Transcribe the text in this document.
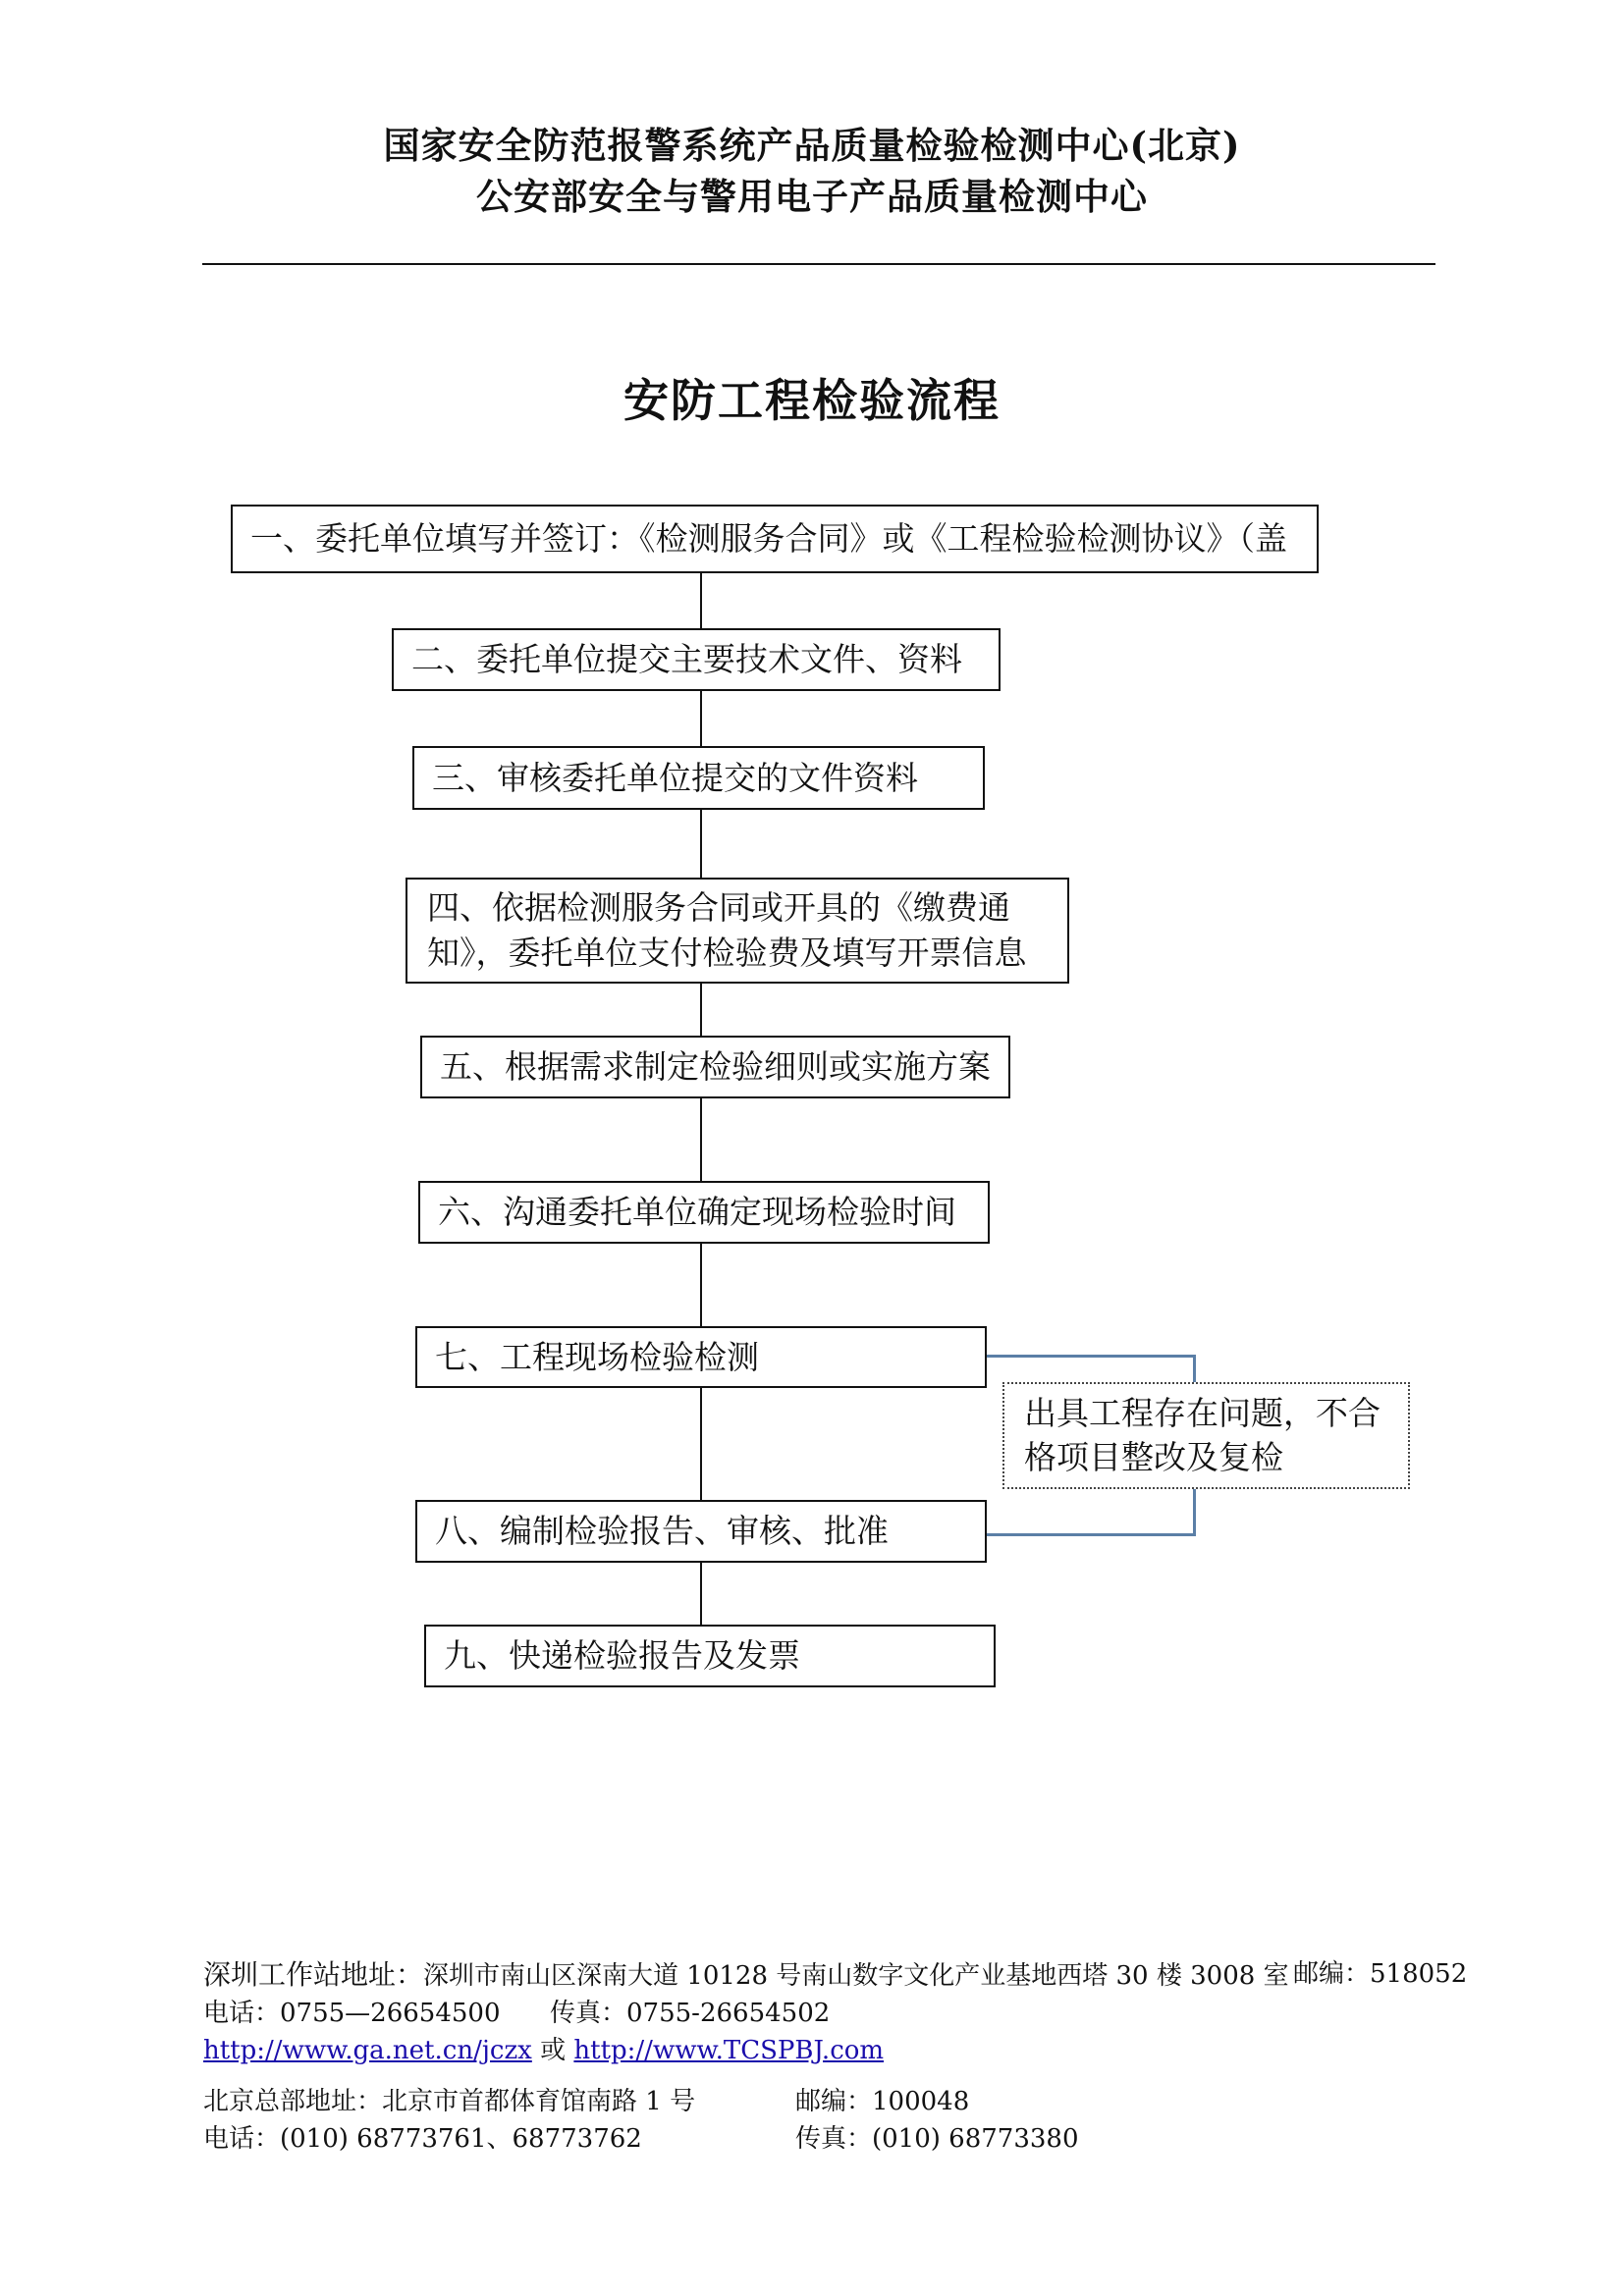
国家安全防范报警系统产品质量检验检测中心(北京)
公安部安全与警用电子产品质量检测中心
安防工程检验流程
一、委托单位填写并签订：《检测服务合同》或《工程检验检测协议》（盖
二、委托单位提交主要技术文件、资料
三、审核委托单位提交的文件资料
四、依据检测服务合同或开具的《缴费通知》，委托单位支付检验费及填写开票信息
五、根据需求制定检验细则或实施方案
六、沟通委托单位确定现场检验时间
七、工程现场检验检测
八、编制检验报告、审核、批准
九、快递检验报告及发票
出具工程存在问题，不合格项目整改及复检
深圳工作站地址：深圳市南山区深南大道 10128 号南山数字文化产业基地西塔 30 楼 3008 室 邮编：518052
电话：0755—26654500 传真：0755-26654502
http://www.ga.net.cn/jczx 或 http://www.TCSPBJ.com
北京总部地址：北京市首都体育馆南路 1 号	邮编：100048
电话：(010) 68773761、68773762	传真：(010) 68773380
